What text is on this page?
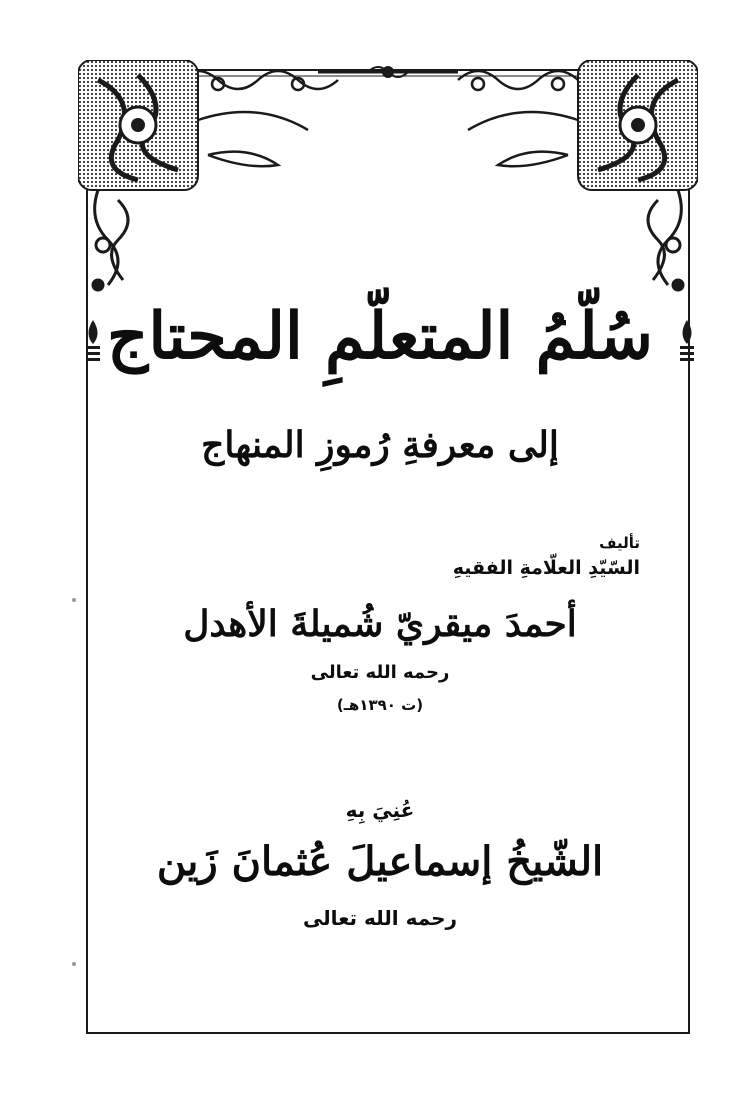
سُلّمُ المتعلّمِ المحتاج
إلى معرفةِ رُموزِ المنهاج
تأليف
السّيّدِ العلّامةِ الفقيهِ
أحمدَ ميقريّ شُميلةَ الأهدل
رحمه الله تعالى
(ت ١٣٩٠هـ)
عُنِيَ بِهِ
الشّيخُ إسماعيلَ عُثمانَ زَين
رحمه الله تعالى
